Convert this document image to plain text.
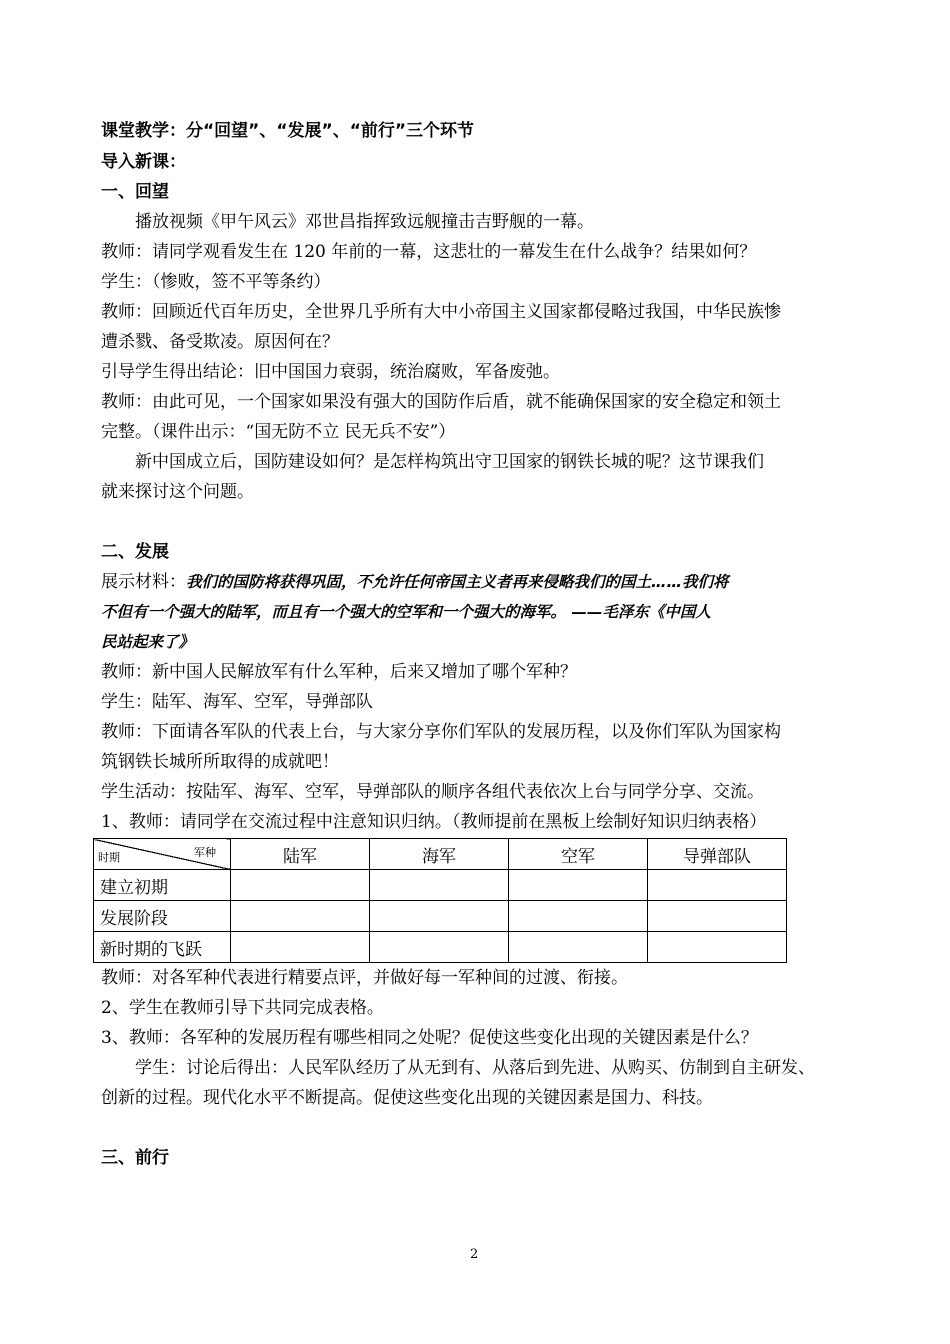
课堂教学：分“回望”、“发展”、“前行”三个环节
导入新课：
一、回望
播放视频《甲午风云》邓世昌指挥致远舰撞击吉野舰的一幕。
教师：请同学观看发生在 120 年前的一幕，这悲壮的一幕发生在什么战争？结果如何？
学生：（惨败，签不平等条约）
教师：回顾近代百年历史，全世界几乎所有大中小帝国主义国家都侵略过我国，中华民族惨
遭杀戮、备受欺凌。原因何在？
引导学生得出结论：旧中国国力衰弱，统治腐败，军备废弛。
教师：由此可见，一个国家如果没有强大的国防作后盾，就不能确保国家的安全稳定和领土
完整。（课件出示：“国无防不立 民无兵不安”）
新中国成立后，国防建设如何？是怎样构筑出守卫国家的钢铁长城的呢？这节课我们
就来探讨这个问题。
二、发展
展示材料：我们的国防将获得巩固，不允许任何帝国主义者再来侵略我们的国土……我们将
不但有一个强大的陆军，而且有一个强大的空军和一个强大的海军。 ——毛泽东《中国人
民站起来了》
教师：新中国人民解放军有什么军种，后来又增加了哪个军种？
学生：陆军、海军、空军，导弹部队
教师：下面请各军队的代表上台，与大家分享你们军队的发展历程，以及你们军队为国家构
筑钢铁长城所所取得的成就吧！
学生活动：按陆军、海军、空军，导弹部队的顺序各组代表依次上台与同学分享、交流。
1、教师：请同学在交流过程中注意知识归纳。（教师提前在黑板上绘制好知识归纳表格）
时期 军种	陆军	海军	空军	导弹部队
建立初期				
发展阶段				
新时期的飞跃				
教师：对各军种代表进行精要点评，并做好每一军种间的过渡、衔接。
2、学生在教师引导下共同完成表格。
3、教师：各军种的发展历程有哪些相同之处呢？促使这些变化出现的关键因素是什么？
学生：讨论后得出：人民军队经历了从无到有、从落后到先进、从购买、仿制到自主研发、
创新的过程。现代化水平不断提高。促使这些变化出现的关键因素是国力、科技。
三、前行
2
